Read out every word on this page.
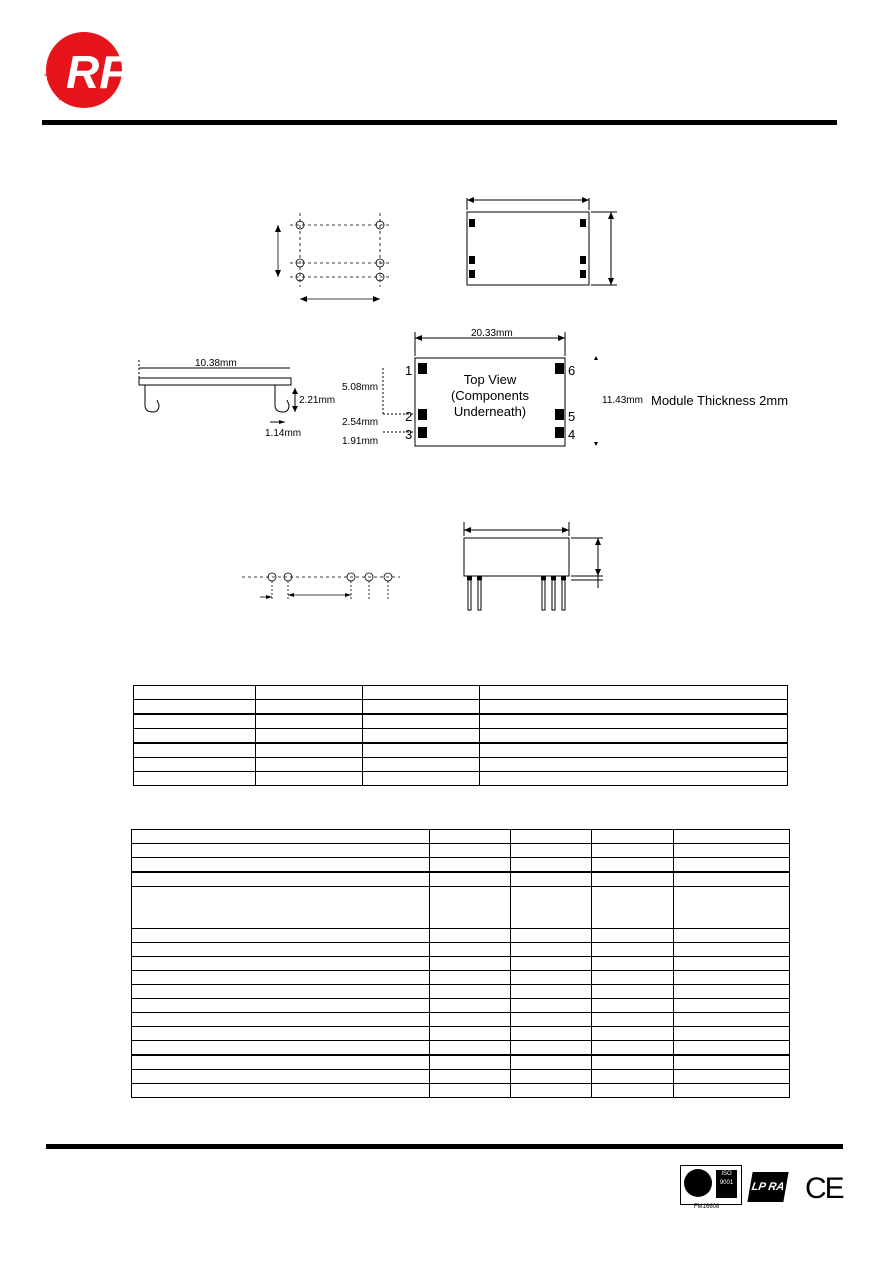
RF
recom
10.38mm
2.21mm
1.14mm
20.33mm
5.08mm
2.54mm
1.91mm
11.43mm
1
2
3
6
5
4
Top View
(Components
Underneath)
Module Thickness 2mm

ISO 9001
FM16608
LP RA CE
